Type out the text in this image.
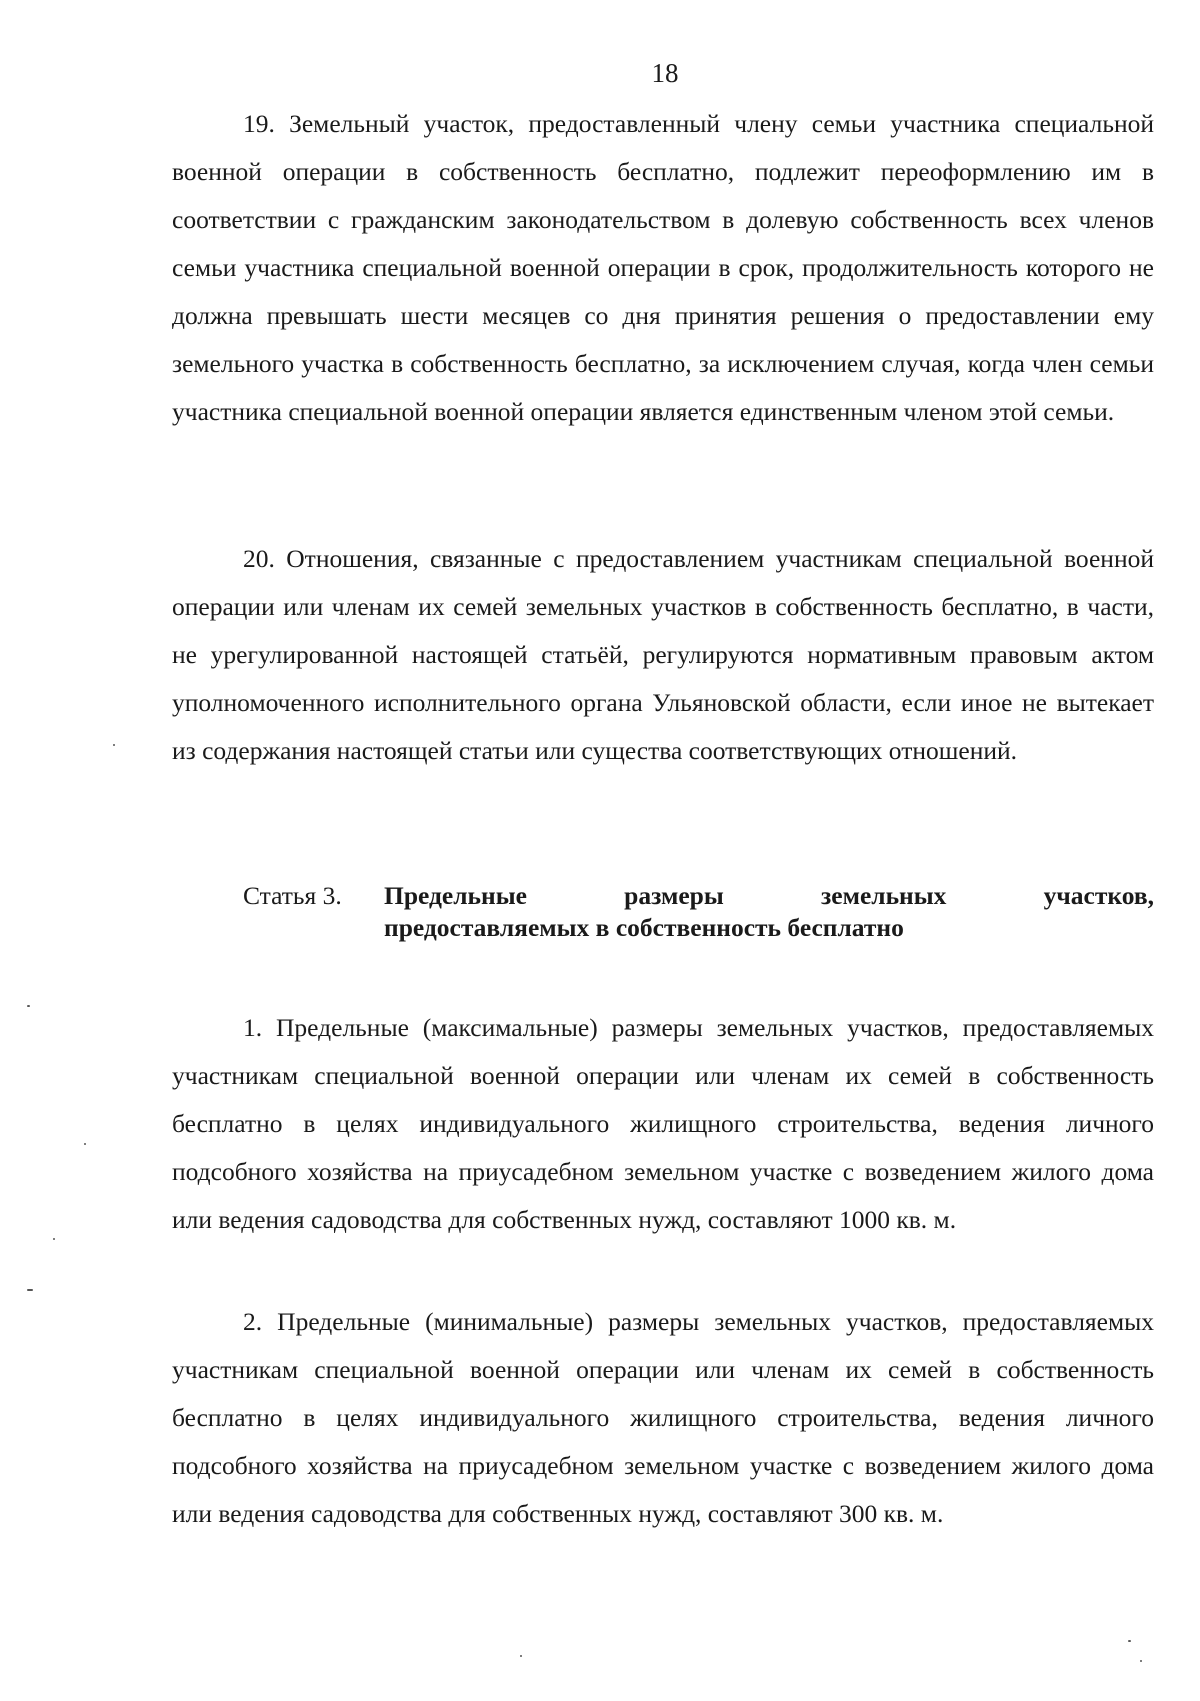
18

19. Земельный участок, предоставленный члену семьи участника специальной военной операции в собственность бесплатно, подлежит переоформлению им в соответствии с гражданским законодательством в долевую собственность всех членов семьи участника специальной военной операции в срок, продолжительность которого не должна превышать шести месяцев со дня принятия решения о предоставлении ему земельного участка в собственность бесплатно, за исключением случая, когда член семьи участника специальной военной операции является единственным членом этой семьи.

20. Отношения, связанные с предоставлением участникам специальной военной операции или членам их семей земельных участков в собственность бесплатно, в части, не урегулированной настоящей статьёй, регулируются нормативным правовым актом уполномоченного исполнительного органа Ульяновской области, если иное не вытекает из содержания настоящей статьи или существа соответствующих отношений.

Статья 3. Предельные размеры земельных участков,
предоставляемых в собственность бесплатно

1. Предельные (максимальные) размеры земельных участков, предоставляемых участникам специальной военной операции или членам их семей в собственность бесплатно в целях индивидуального жилищного строительства, ведения личного подсобного хозяйства на приусадебном земельном участке с возведением жилого дома или ведения садоводства для собственных нужд, составляют 1000 кв. м.

2. Предельные (минимальные) размеры земельных участков, предоставляемых участникам специальной военной операции или членам их семей в собственность бесплатно в целях индивидуального жилищного строительства, ведения личного подсобного хозяйства на приусадебном земельном участке с возведением жилого дома или ведения садоводства для собственных нужд, составляют 300 кв. м.
